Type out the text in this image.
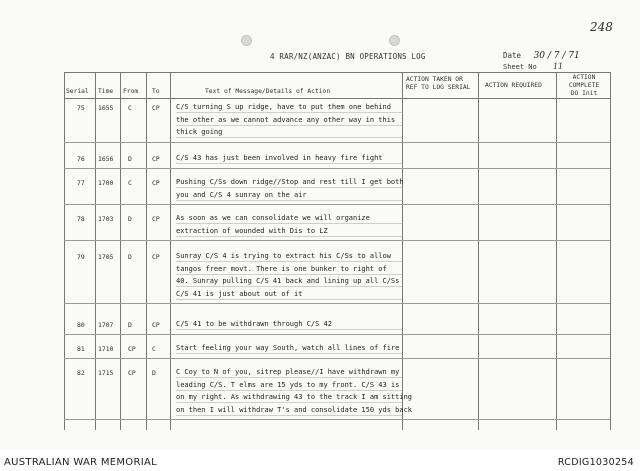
248
4 RAR/NZ(ANZAC) BN OPERATIONS LOG	Date 30 / 7 / 71
Sheet No 11
Serial Time From To	Text of Message/Details of Action
ACTION TAKEN OR
REF TO LOG SERIAL ACTION REQUIRED
ACTION
COMPLETE
DO Init
75 1655 C	CP C/S turning S up ridge, have to put them one behind
the other as we cannot advance any other way in this
thick going
76 1656 D	CP C/S 43 has just been involved in heavy fire fight
77 1700 C	CP Pushing C/Ss down ridge//Stop and rest till I get both
you and C/S 4 sunray on the air
78 1703 D	CP As soon as we can consolidate we will organize
extraction of wounded with Dis to LZ
79 1705 D	CP Sunray C/S 4 is trying to extract his C/Ss to allow
tangos freer movt. There is one bunker to right of
40. Sunray pulling C/S 41 back and lining up all C/Ss
C/S 41 is just about out of it
80 1707 D	CP C/S 41 to be withdrawn through C/S 42
81 1710 CP	C	Start feeling your way South, watch all lines of fire
82 1715 CP	D	C Coy to N of you, sitrep please//I have withdrawn my
leading C/S. T elms are 15 yds to my front. C/S 43 is
on my right. As withdrawing 43 to the track I am sitting
on then I will withdraw T's and consolidate 150 yds back
AUSTRALIAN WAR MEMORIAL	RCDIG1030254
